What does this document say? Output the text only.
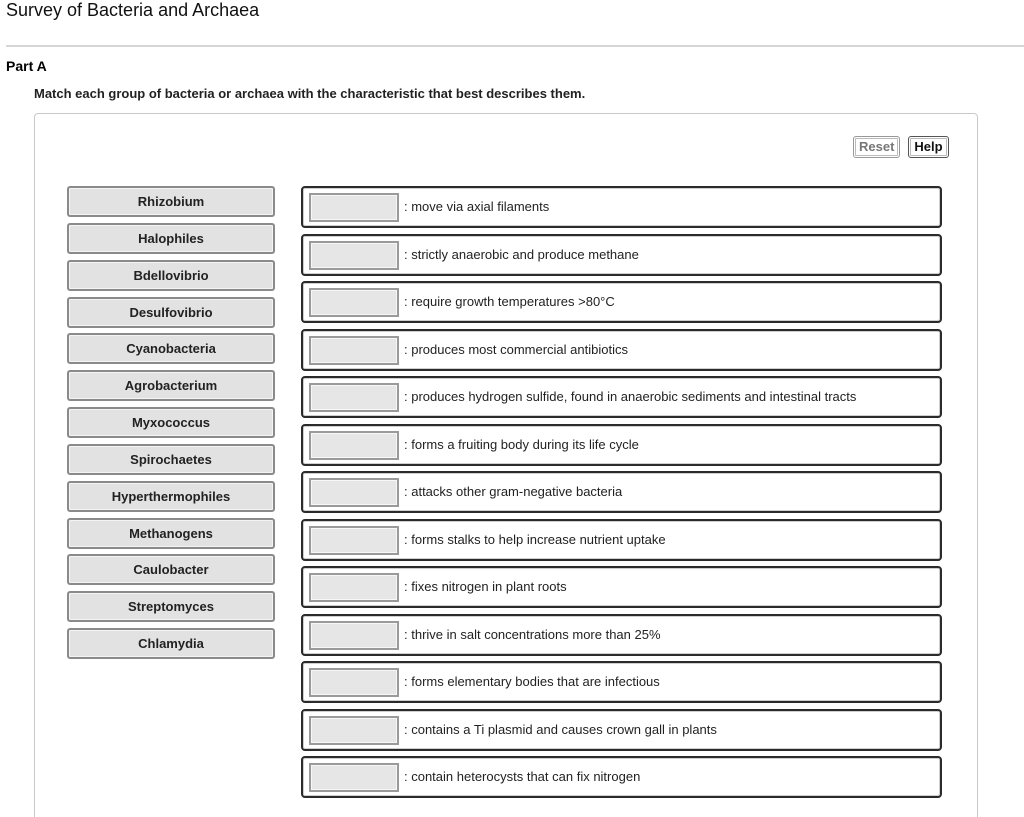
Survey of Bacteria and Archaea
Part A
Match each group of bacteria or archaea with the characteristic that best describes them.
Reset	Help
Rhizobium
Halophiles
Bdellovibrio
Desulfovibrio
Cyanobacteria
Agrobacterium
Myxococcus
Spirochaetes
Hyperthermophiles
Methanogens
Caulobacter
Streptomyces
Chlamydia
: move via axial filaments
: strictly anaerobic and produce methane
: require growth temperatures >80°C
: produces most commercial antibiotics
: produces hydrogen sulfide, found in anaerobic sediments and intestinal tracts
: forms a fruiting body during its life cycle
: attacks other gram-negative bacteria
: forms stalks to help increase nutrient uptake
: fixes nitrogen in plant roots
: thrive in salt concentrations more than 25%
: forms elementary bodies that are infectious
: contains a Ti plasmid and causes crown gall in plants
: contain heterocysts that can fix nitrogen
